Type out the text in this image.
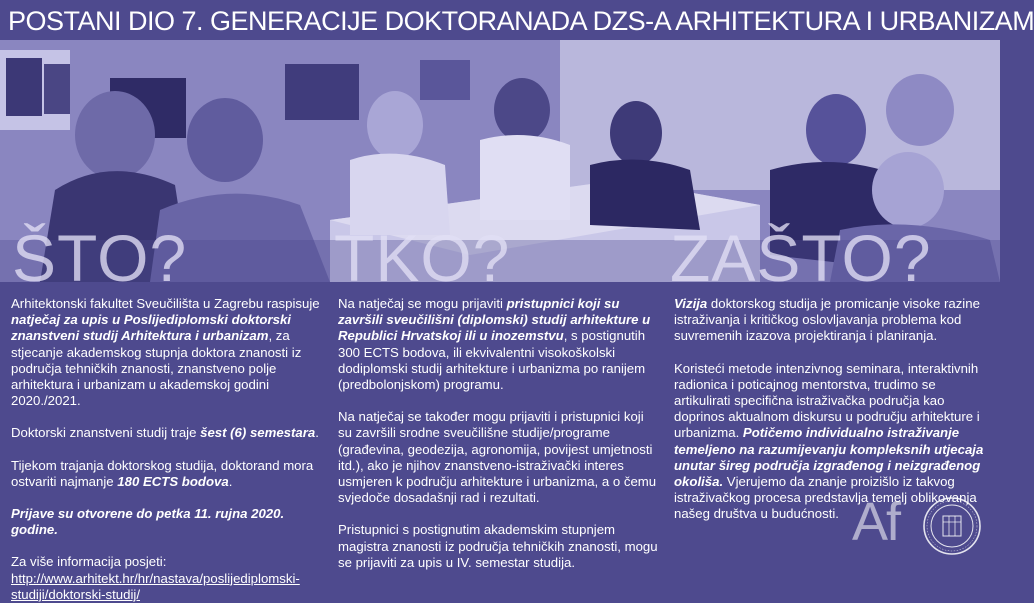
POSTANI DIO 7. GENERACIJE DOKTORANADA DZS-A ARHITEKTURA I URBANIZAM
ŠTO? TKO? ZAŠTO?

Arhitektonski fakultet Sveučilišta u Zagrebu raspisuje natječaj za upis u Poslijediplomski doktorski znanstveni studij Arhitektura i urbanizam, za stjecanje akademskog stupnja doktora znanosti iz područja tehničkih znanosti, znanstveno polje arhitektura i urbanizam u akademskoj godini 2020./2021.

Doktorski znanstveni studij traje šest (6) semestara.

Tijekom trajanja doktorskog studija, doktorand mora ostvariti najmanje 180 ECTS bodova.

Prijave su otvorene do petka 11. rujna 2020. godine.

Za više informacija posjeti:
http://www.arhitekt.hr/hr/nastava/poslijediplomski-studiji/doktorski-studij/

Na natječaj se mogu prijaviti pristupnici koji su završili sveučilišni (diplomski) studij arhitekture u Republici Hrvatskoj ili u inozemstvu, s postignutih 300 ECTS bodova, ili ekvivalentni visokoškolski dodiplomski studij arhitekture i urbanizma po ranijem (predbolonjskom) programu.

Na natječaj se također mogu prijaviti i pristupnici koji su završili srodne sveučilišne studije/programe (građevina, geodezija, agronomija, povijest umjetnosti itd.), ako je njihov znanstveno-istraživački interes usmjeren k području arhitekture i urbanizma, a o čemu svjedoče dosadašnji rad i rezultati.

Pristupnici s postignutim akademskim stupnjem magistra znanosti iz područja tehničkih znanosti, mogu se prijaviti za upis u IV. semestar studija.

Vizija doktorskog studija je promicanje visoke razine istraživanja i kritičkog oslovljavanja problema kod suvremenih izazova projektiranja i planiranja.

Koristeći metode intenzivnog seminara, interaktivnih radionica i poticajnog mentorstva, trudimo se artikulirati specifična istraživačka područja kao doprinos aktualnom diskursu u području arhitekture i urbanizma. Potičemo individualno istraživanje temeljeno na razumijevanju kompleksnih utjecaja unutar šireg područja izgrađenog i neizgrađenog okoliša. Vjerujemo da znanje proizišlo iz takvog istraživačkog procesa predstavlja temelj oblikovanja našeg društva u budućnosti. Af
